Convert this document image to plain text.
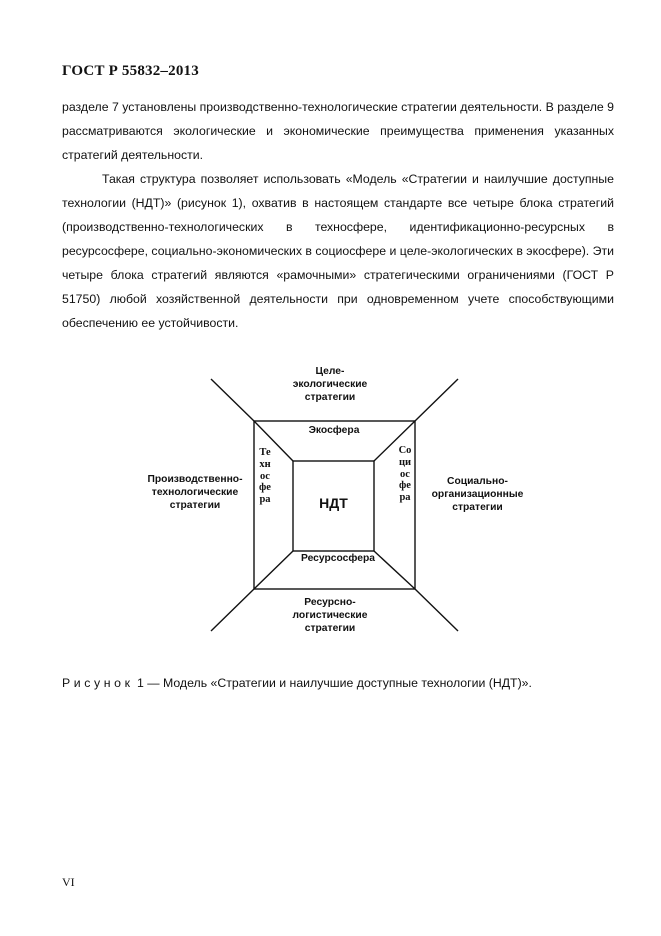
ГОСТ Р 55832–2013

разделе 7 установлены производственно-технологические стратегии деятельности. В разделе 9 рассматриваются экологические и экономические преимущества применения указанных стратегий деятельности.

Такая структура позволяет использовать «Модель «Стратегии и наилучшие доступные технологии (НДТ)» (рисунок 1), охватив в настоящем стандарте все четыре блока стратегий (производственно-технологических в техносфере, идентификационно-ресурсных в ресурсосфере, социально-экономических в социосфере и целе-экологических в экосфере). Эти четыре блока стратегий являются «рамочными» стратегическими ограничениями (ГОСТ Р 51750) любой хозяйственной деятельности при одновременном учете способствующими обеспечению ее устойчивости.

Целе-
экологические
стратегии
Производственно-
технологические
стратегии
Социально-
организационные
стратегии
Ресурсно-
логистические
стратегии
Экосфера
Ресурсосфера
Техносфера
Социосфера
НДТ
Рисунок 1 — Модель «Стратегии и наилучшие доступные технологии (НДТ)».
VI
